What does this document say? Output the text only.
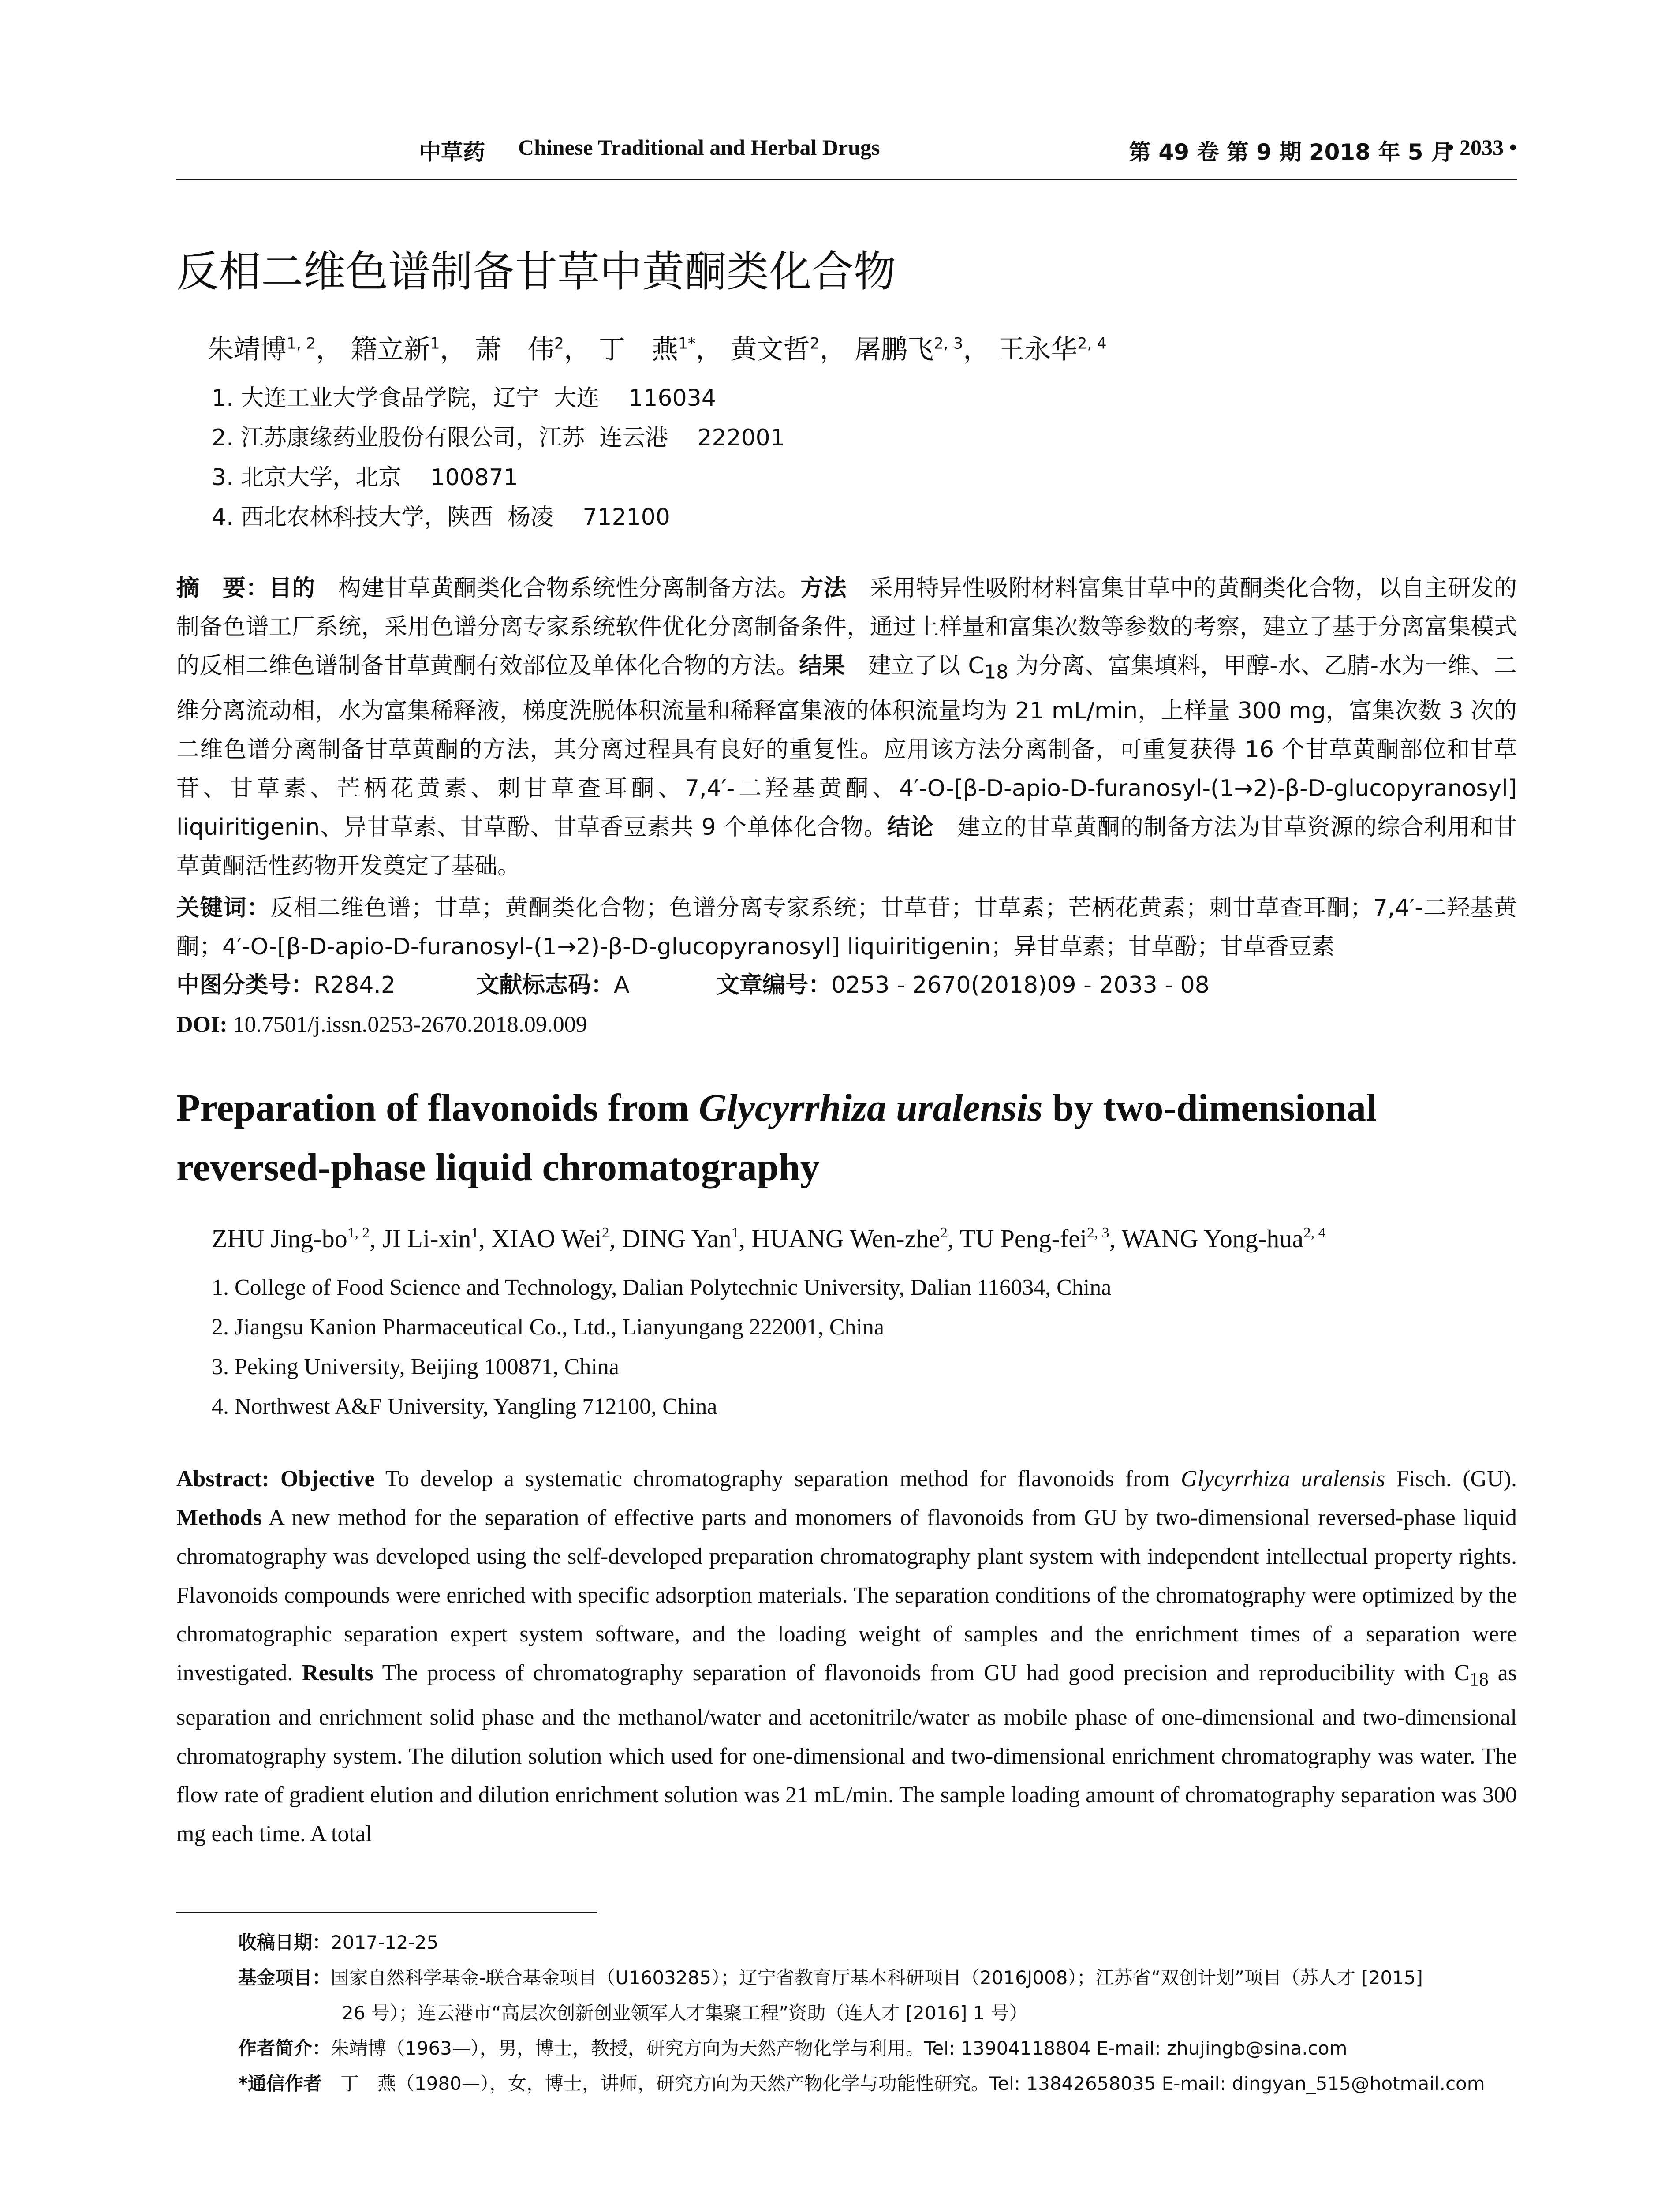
中草药 Chinese Traditional and Herbal Drugs	第 49 卷 第 9 期 2018 年 5 月
• 2033 •
反相二维色谱制备甘草中黄酮类化合物
朱靖博$^{1, 2}$， 籍立新$^1$， 萧　伟$^2$， 丁　燕$^{1*}$， 黄文哲$^2$， 屠鹏飞$^{2, 3}$， 王永华$^{2, 4}$
1. 大连工业大学食品学院，辽宁  大连    116034
2. 江苏康缘药业股份有限公司，江苏  连云港    222001
3. 北京大学，北京    100871
4. 西北农林科技大学，陕西  杨凌    712100
摘　要：目的　构建甘草黄酮类化合物系统性分离制备方法。方法　采用特异性吸附材料富集甘草中的黄酮类化合物，以自主研发的制备色谱工厂系统，采用色谱分离专家系统软件优化分离制备条件，通过上样量和富集次数等参数的考察，建立了基于分离富集模式的反相二维色谱制备甘草黄酮有效部位及单体化合物的方法。结果　建立了以 $C_{18}$ 为分离、富集填料，甲醇-水、乙腈-水为一维、二维分离流动相，水为富集稀释液，梯度洗脱体积流量和稀释富集液的体积流量均为 21 mL/min，上样量 300 mg，富集次数 3 次的二维色谱分离制备甘草黄酮的方法，其分离过程具有良好的重复性。应用该方法分离制备，可重复获得 16 个甘草黄酮部位和甘草苷、甘草素、芒柄花黄素、刺甘草查耳酮、7,4′-二羟基黄酮、4′-O-[β-D-apio-D-furanosyl-(1→2)-β-D-glucopyranosyl] liquiritigenin、异甘草素、甘草酚、甘草香豆素共 9 个单体化合物。结论　建立的甘草黄酮的制备方法为甘草资源的综合利用和甘草黄酮活性药物开发奠定了基础。
关键词：反相二维色谱；甘草；黄酮类化合物；色谱分离专家系统；甘草苷；甘草素；芒柄花黄素；刺甘草查耳酮；7,4′-二羟基黄酮；4′-O-[β-D-apio-D-furanosyl-(1→2)-β-D-glucopyranosyl] liquiritigenin；异甘草素；甘草酚；甘草香豆素
中图分类号：R284.2	文献标志码：A	文章编号：0253 - 2670(2018)09 - 2033 - 08
DOI: 10.7501/j.issn.0253-2670.2018.09.009
Preparation of flavonoids from Glycyrrhiza uralensis by two-dimensional reversed-phase liquid chromatography
ZHU Jing-bo$^{1, 2}$, JI Li-xin$^1$, XIAO Wei$^2$, DING Yan$^1$, HUANG Wen-zhe$^2$, TU Peng-fei$^{2, 3}$, WANG Yong-hua$^{2, 4}$
1. College of Food Science and Technology, Dalian Polytechnic University, Dalian 116034, China
2. Jiangsu Kanion Pharmaceutical Co., Ltd., Lianyungang 222001, China
3. Peking University, Beijing 100871, China
4. Northwest A&F University, Yangling 712100, China
Abstract: Objective To develop a systematic chromatography separation method for flavonoids from Glycyrrhiza uralensis Fisch. (GU). Methods A new method for the separation of effective parts and monomers of flavonoids from GU by two-dimensional reversed-phase liquid chromatography was developed using the self-developed preparation chromatography plant system with independent intellectual property rights. Flavonoids compounds were enriched with specific adsorption materials. The separation conditions of the chromatography were optimized by the chromatographic separation expert system software, and the loading weight of samples and the enrichment times of a separation were investigated. Results The process of chromatography separation of flavonoids from GU had good precision and reproducibility with $C_{18}$ as separation and enrichment solid phase and the methanol/water and acetonitrile/water as mobile phase of one-dimensional and two-dimensional chromatography system. The dilution solution which used for one-dimensional and two-dimensional enrichment chromatography was water. The flow rate of gradient elution and dilution enrichment solution was 21 mL/min. The sample loading amount of chromatography separation was 300 mg each time. A total
收稿日期：2017-12-25
基金项目：国家自然科学基金-联合基金项目（U1603285）；辽宁省教育厅基本科研项目（2016J008）；江苏省“双创计划”项目（苏人才 [2015]
26 号）；连云港市“高层次创新创业领军人才集聚工程”资助（连人才 [2016] 1 号）
作者简介：朱靖博（1963—），男，博士，教授，研究方向为天然产物化学与利用。Tel: 13904118804 E-mail: zhujingb@sina.com
*通信作者　丁　燕（1980—），女，博士，讲师，研究方向为天然产物化学与功能性研究。Tel: 13842658035 E-mail: dingyan_515@hotmail.com
